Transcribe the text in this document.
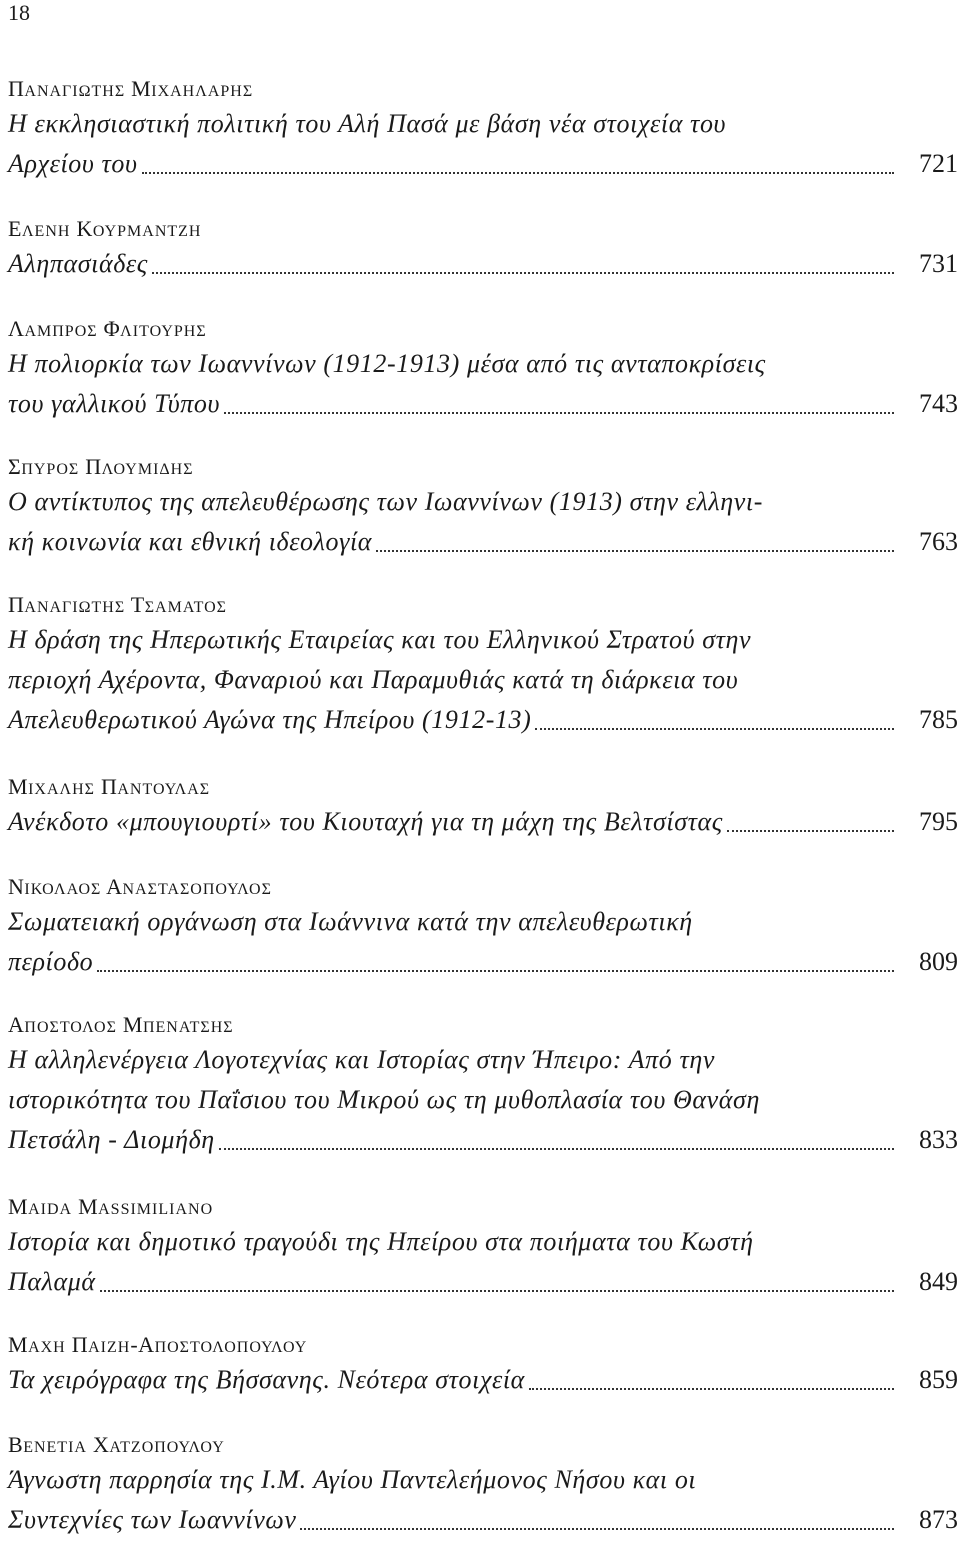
18
ΠΑΝΑΓΙΩΤΗΣ ΜΙΧΑΗΛΑΡΗΣ
Η εκκλησιαστική πολιτική του Αλή Πασά με βάση νέα στοιχεία του
Αρχείου του	721
ΕΛΕΝΗ ΚΟΥΡΜΑΝΤΖΗ
Αληπασιάδες	731
ΛΑΜΠΡΟΣ ΦΛΙΤΟΥΡΗΣ
Η πολιορκία των Ιωαννίνων (1912-1913) μέσα από τις ανταποκρίσεις
του γαλλικού Τύπου	743
ΣΠΥΡΟΣ ΠΛΟΥΜΙΔΗΣ
Ο αντίκτυπος της απελευθέρωσης των Ιωαννίνων (1913) στην ελληνι-
κή κοινωνία και εθνική ιδεολογία	763
ΠΑΝΑΓΙΩΤΗΣ ΤΣΑΜΑΤΟΣ
Η δράση της Ηπερωτικής Εταιρείας και του Ελληνικού Στρατού στην
περιοχή Αχέροντα, Φαναριού και Παραμυθιάς κατά τη διάρκεια του
Απελευθερωτικού Αγώνα της Ηπείρου (1912-13)	785
ΜΙΧΑΛΗΣ ΠΑΝΤΟΥΛΑΣ
Ανέκδοτο «μπουγιουρτί» του Κιουταχή για τη μάχη της Βελτσίστας	795
ΝΙΚΟΛΑΟΣ ΑΝΑΣΤΑΣΟΠΟΥΛΟΣ
Σωματειακή οργάνωση στα Ιωάννινα κατά την απελευθερωτική
περίοδο	809
ΑΠΟΣΤΟΛΟΣ ΜΠΕΝΑΤΣΗΣ
Η αλληλενέργεια Λογοτεχνίας και Ιστορίας στην Ήπειρο: Από την
ιστορικότητα του Παΐσιου του Μικρού ως τη μυθοπλασία του Θανάση
Πετσάλη - Διομήδη	833
MAIDA MASSIMILIANO
Ιστορία και δημοτικό τραγούδι της Ηπείρου στα ποιήματα του Κωστή
Παλαμά	849
ΜΑΧΗ ΠΑΙΖΗ-ΑΠΟΣΤΟΛΟΠΟΥΛΟΥ
Τα χειρόγραφα της Βήσσανης. Νεότερα στοιχεία	859
ΒΕΝΕΤΙΑ ΧΑΤΖΟΠΟΥΛΟΥ
Άγνωστη παρρησία της Ι.Μ. Αγίου Παντελεήμονος Νήσου και οι
Συντεχνίες των Ιωαννίνων	873
